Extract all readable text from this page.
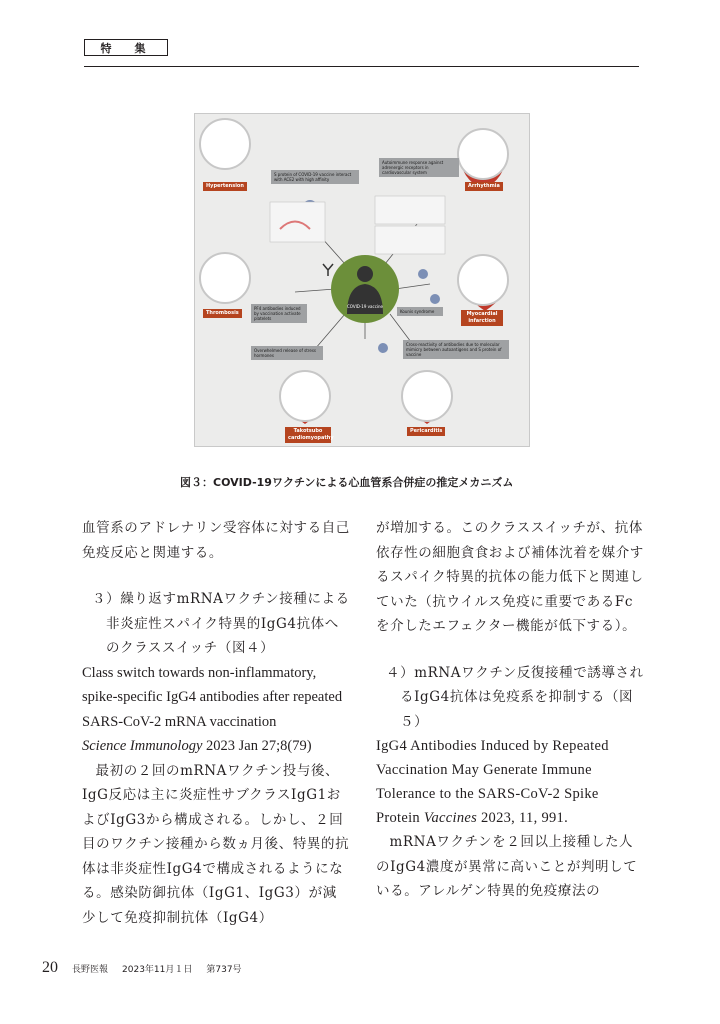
特　集
Hypertension	Arrhythmia
Thrombosis	Myocardial infarction
Takotsubo cardiomyopathy
Pericarditis
S protein of COVID-19 vaccine interact with ACE2 with high affinity
Autoimmune response against adrenergic receptors in cardiovascular system
PF4 antibodies induced by vaccination activate platelets
Kounis syndrome
Overwhelmed release of stress hormones
Cross-reactivity of antibodies due to molecular mimicry between autoantigens and S protein of vaccine
COVID-19 vaccine
図３：COVID-19ワクチンによる心血管系合併症の推定メカニズム

血管系のアドレナリン受容体に対する自己免疫反応と関連する。

３）繰り返すmRNAワクチン接種による非炎症性スパイク特異的IgG4抗体へのクラススイッチ（図４）

Class switch towards non-inflammatory, spike-specific IgG4 antibodies after repeated SARS-CoV-2 mRNA vaccination

Science Immunology 2023 Jan 27;8(79)

最初の２回のmRNAワクチン投与後、IgG反応は主に炎症性サブクラスIgG1およびIgG3から構成される。しかし、２回目のワクチン接種から数ヵ月後、特異的抗体は非炎症性IgG4で構成されるようになる。感染防御抗体（IgG1、IgG3）が減少して免疫抑制抗体（IgG4）

が増加する。このクラススイッチが、抗体依存性の細胞貪食および補体沈着を媒介するスパイク特異的抗体の能力低下と関連していた（抗ウイルス免疫に重要であるFcを介したエフェクター機能が低下する）。

４）mRNAワクチン反復接種で誘導されるIgG4抗体は免疫系を抑制する（図５）

IgG4 Antibodies Induced by Repeated Vaccination May Generate Immune Tolerance to the SARS-CoV-2 Spike Protein Vaccines 2023, 11, 991.

mRNAワクチンを２回以上接種した人のIgG4濃度が異常に高いことが判明している。アレルゲン特異的免疫療法の

20 長野医報 2023年11月１日 第737号
